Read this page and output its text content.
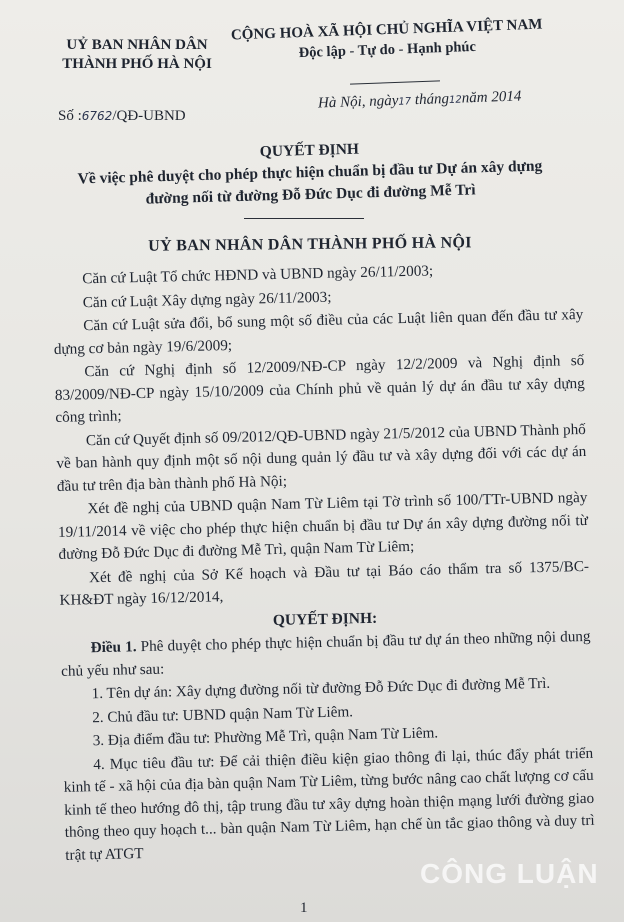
UỶ BAN NHÂN DÂN
THÀNH PHỐ HÀ NỘI
CỘNG HOÀ XÃ HỘI CHỦ NGHĨA VIỆT NAM
Độc lập - Tự do - Hạnh phúc
Số :6762/QĐ-UBND
Hà Nội, ngày17 tháng12năm 2014
QUYẾT ĐỊNH
Về việc phê duyệt cho phép thực hiện chuẩn bị đầu tư Dự án xây dựng
đường nối từ đường Đỗ Đức Dục đi đường Mễ Trì
UỶ BAN NHÂN DÂN THÀNH PHỐ HÀ NỘI

Căn cứ Luật Tổ chức HĐND và UBND ngày 26/11/2003;

Căn cứ Luật Xây dựng ngày 26/11/2003;

Căn cứ Luật sửa đổi, bổ sung một số điều của các Luật liên quan đến đầu tư xây dựng cơ bản ngày 19/6/2009;

Căn cứ Nghị định số 12/2009/NĐ-CP ngày 12/2/2009 và Nghị định số 83/2009/NĐ-CP ngày 15/10/2009 của Chính phủ về quản lý dự án đầu tư xây dựng công trình;

Căn cứ Quyết định số 09/2012/QĐ-UBND ngày 21/5/2012 của UBND Thành phố về ban hành quy định một số nội dung quản lý đầu tư và xây dựng đối với các dự án đầu tư trên địa bàn thành phố Hà Nội;

Xét đề nghị của UBND quận Nam Từ Liêm tại Tờ trình số 100/TTr-UBND ngày 19/11/2014 về việc cho phép thực hiện chuẩn bị đầu tư Dự án xây dựng đường nối từ đường Đỗ Đức Dục đi đường Mễ Trì, quận Nam Từ Liêm;

Xét đề nghị của Sở Kế hoạch và Đầu tư tại Báo cáo thẩm tra số 1375/BC-KH&ĐT ngày 16/12/2014,

QUYẾT ĐỊNH:

Điều 1. Phê duyệt cho phép thực hiện chuẩn bị đầu tư dự án theo những nội dung chủ yếu như sau:

1. Tên dự án: Xây dựng đường nối từ đường Đỗ Đức Dục đi đường Mễ Trì.

2. Chủ đầu tư: UBND quận Nam Từ Liêm.

3. Địa điểm đầu tư: Phường Mễ Trì, quận Nam Từ Liêm.

4. Mục tiêu đầu tư: Để cải thiện điều kiện giao thông đi lại, thúc đẩy phát triển kinh tế - xã hội của địa bàn quận Nam Từ Liêm, từng bước nâng cao chất lượng cơ cấu kinh tế theo hướng đô thị, tập trung đầu tư xây dựng hoàn thiện mạng lưới đường giao thông theo quy hoạch t... bàn quận Nam Từ Liêm, hạn chế ùn tắc giao thông và duy trì trật tự ATGT

CÔNG LUẬN
1
